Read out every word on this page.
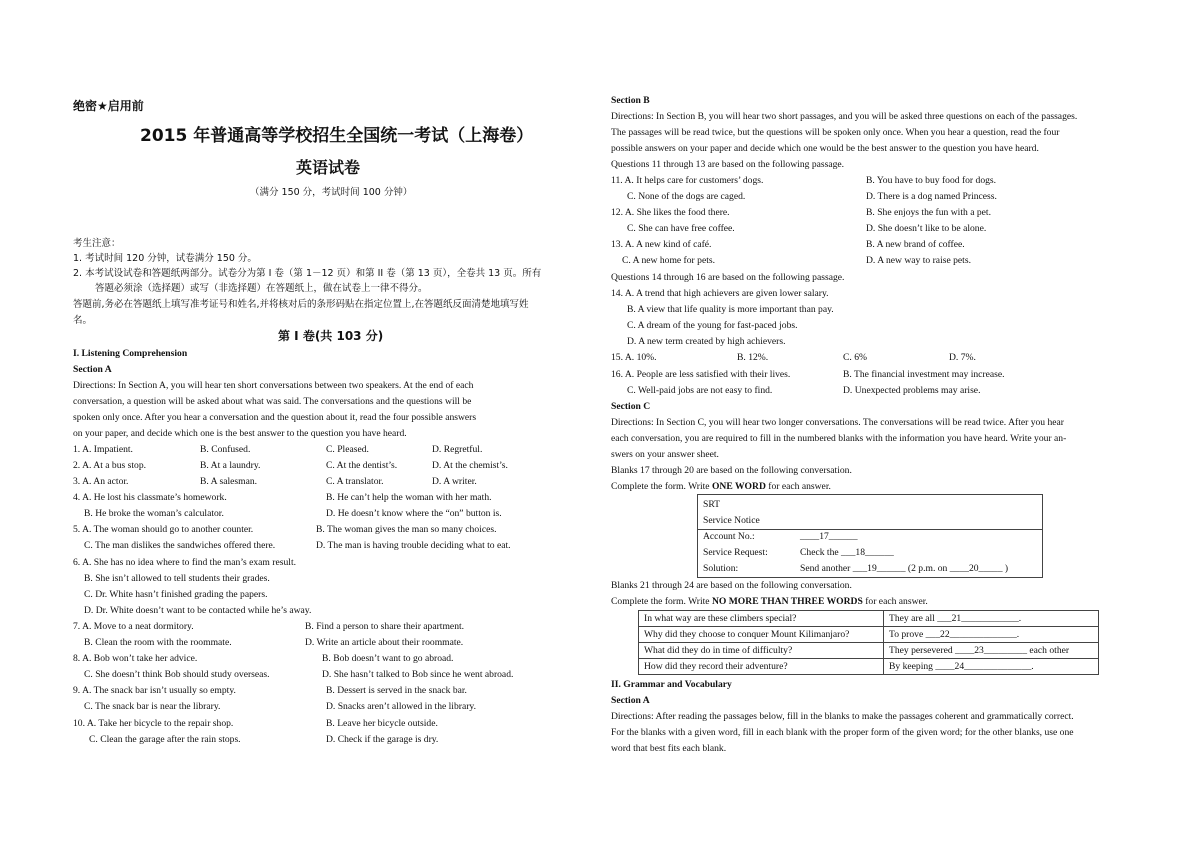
绝密★启用前
2015 年普通高等学校招生全国统一考试（上海卷）
英语试卷
（满分 150 分，考试时间 100 分钟）
考生注意：
1. 考试时间 120 分钟，试卷满分 150 分。
2. 本考试设试卷和答题纸两部分。试卷分为第 I 卷（第 1－12 页）和第 II 卷（第 13 页），全卷共 13 页。所有
答题必须涂（选择题）或写（非选择题）在答题纸上，做在试卷上一律不得分。
答题前,务必在答题纸上填写准考证号和姓名,并将核对后的条形码贴在指定位置上,在答题纸反面清楚地填写姓
名。
第 I 卷(共 103 分)
I. Listening Comprehension
Section A
Directions: In Section A, you will hear ten short conversations between two speakers. At the end of each
conversation, a question will be asked about what was said. The conversations and the questions will be
spoken only once. After you hear a conversation and the question about it, read the four possible answers
on your paper, and decide which one is the best answer to the question you have heard.
1. A. Impatient.	B. Confused.	C. Pleased.	D. Regretful.
2. A. At a bus stop.	B. At a laundry.	C. At the dentist’s.	D. At the chemist’s.
3. A. An actor.	B. A salesman.	C. A translator.	D. A writer.
4. A. He lost his classmate’s homework.	B. He can’t help the woman with her math.
B. He broke the woman’s calculator.	D. He doesn’t know where the “on” button is.
5. A. The woman should go to another counter.	B. The woman gives the man so many choices.
C. The man dislikes the sandwiches offered there.	D. The man is having trouble deciding what to eat.
6. A. She has no idea where to find the man’s exam result.
B. She isn’t allowed to tell students their grades.
C. Dr. White hasn’t finished grading the papers.
D. Dr. White doesn’t want to be contacted while he’s away.
7. A. Move to a neat dormitory.	B. Find a person to share their apartment.
B. Clean the room with the roommate.	D. Write an article about their roommate.
8. A. Bob won’t take her advice.	B. Bob doesn’t want to go abroad.
C. She doesn’t think Bob should study overseas.	D. She hasn’t talked to Bob since he went abroad.
9. A. The snack bar isn’t usually so empty.	B. Dessert is served in the snack bar.
C. The snack bar is near the library.	D. Snacks aren’t allowed in the library.
10. A. Take her bicycle to the repair shop.	B. Leave her bicycle outside.
C. Clean the garage after the rain stops.	D. Check if the garage is dry.
Section B
Directions: In Section B, you will hear two short passages, and you will be asked three questions on each of the passages.
The passages will be read twice, but the questions will be spoken only once. When you hear a question, read the four
possible answers on your paper and decide which one would be the best answer to the question you have heard.
Questions 11 through 13 are based on the following passage.
11. A. It helps care for customers’ dogs.	B. You have to buy food for dogs.
C. None of the dogs are caged.	D. There is a dog named Princess.
12. A. She likes the food there.	B. She enjoys the fun with a pet.
C. She can have free coffee.	D. She doesn’t like to be alone.
13. A. A new kind of café.	B. A new brand of coffee.
C. A new home for pets.	D. A new way to raise pets.
Questions 14 through 16 are based on the following passage.
14. A. A trend that high achievers are given lower salary.
B. A view that life quality is more important than pay.
C. A dream of the young for fast-paced jobs.
D. A new term created by high achievers.
15. A. 10%.	B. 12%.	C. 6%	D. 7%.
16. A. People are less satisfied with their lives.	B. The financial investment may increase.
C. Well-paid jobs are not easy to find.	D. Unexpected problems may arise.
Section C
Directions: In Section C, you will hear two longer conversations. The conversations will be read twice. After you hear
each conversation, you are required to fill in the numbered blanks with the information you have heard. Write your an-
swers on your answer sheet.
Blanks 17 through 20 are based on the following conversation.
Complete the form. Write ONE WORD for each answer.
SRT
Service Notice
Account No.:	____17______
Service Request:	Check the ___18______
Solution:	Send another ___19______ (2 p.m. on ____20_____ )
Blanks 21 through 24 are based on the following conversation.
Complete the form. Write NO MORE THAN THREE WORDS for each answer.
In what way are these climbers special?	They are all ___21____________.
Why did they choose to conquer Mount Kilimanjaro?	To prove ___22______________.
What did they do in time of difficulty?	They persevered ____23_________ each other
How did they record their adventure?	By keeping ____24______________.
II. Grammar and Vocabulary
Section A
Directions: After reading the passages below, fill in the blanks to make the passages coherent and grammatically correct.
For the blanks with a given word, fill in each blank with the proper form of the given word; for the other blanks, use one
word that best fits each blank.
